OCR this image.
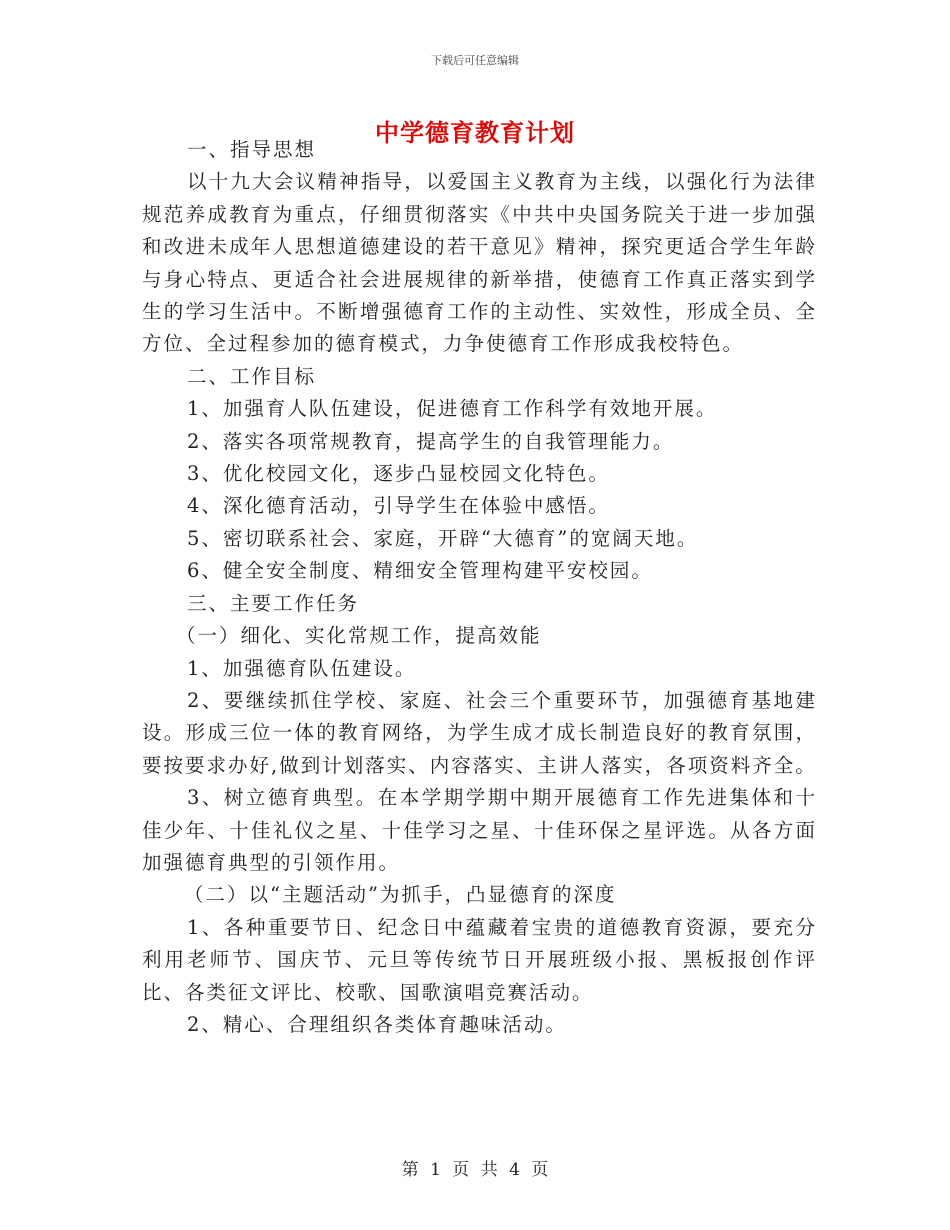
下载后可任意编辑
中学德育教育计划

一、指导思想

以十九大会议精神指导，以爱国主义教育为主线，以强化行为法律规范养成教育为重点，仔细贯彻落实《中共中央国务院关于进一步加强和改进未成年人思想道德建设的若干意见》精神，探究更适合学生年龄与身心特点、更适合社会进展规律的新举措，使德育工作真正落实到学生的学习生活中。不断增强德育工作的主动性、实效性，形成全员、全方位、全过程参加的德育模式，力争使德育工作形成我校特色。

二、工作目标

1、加强育人队伍建设，促进德育工作科学有效地开展。

2、落实各项常规教育，提高学生的自我管理能力。

3、优化校园文化，逐步凸显校园文化特色。

4、深化德育活动，引导学生在体验中感悟。

5、密切联系社会、家庭，开辟“大德育”的宽阔天地。

6、健全安全制度、精细安全管理构建平安校园。

三、主要工作任务

（一）细化、实化常规工作，提高效能

1、加强德育队伍建设。

2、要继续抓住学校、家庭、社会三个重要环节，加强德育基地建设。形成三位一体的教育网络，为学生成才成长制造良好的教育氛围，要按要求办好,做到计划落实、内容落实、主讲人落实，各项资料齐全。

3、树立德育典型。在本学期学期中期开展德育工作先进集体和十佳少年、十佳礼仪之星、十佳学习之星、十佳环保之星评选。从各方面加强德育典型的引领作用。

（二）以“主题活动”为抓手，凸显德育的深度

1、各种重要节日、纪念日中蕴藏着宝贵的道德教育资源，要充分利用老师节、国庆节、元旦等传统节日开展班级小报、黑板报创作评比、各类征文评比、校歌、国歌演唱竞赛活动。

2、精心、合理组织各类体育趣味活动。

第 1 页 共 4 页
